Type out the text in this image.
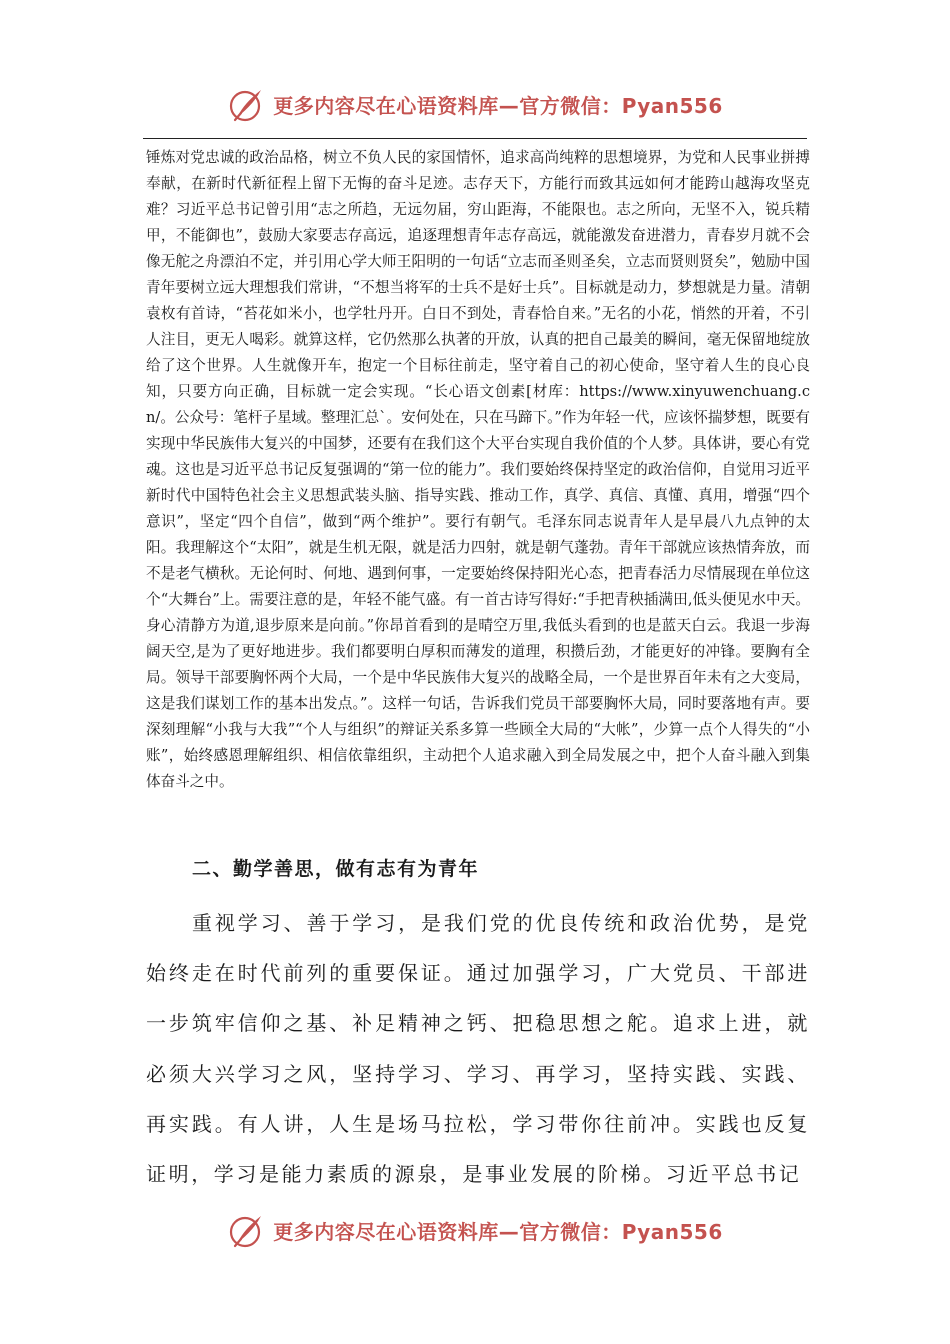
更多内容尽在心语资料库—官方微信：Pyan556
锤炼对党忠诚的政治品格，树立不负人民的家国情怀，追求高尚纯粹的思想境界，为党和人民事业拼搏奉献，在新时代新征程上留下无悔的奋斗足迹。志存天下，方能行而致其远如何才能跨山越海攻坚克难？习近平总书记曾引用“志之所趋，无远勿届，穷山距海，不能限也。志之所向，无坚不入，锐兵精甲，不能御也”，鼓励大家要志存高远，追逐理想青年志存高远，就能激发奋进潜力，青春岁月就不会像无舵之舟漂泊不定，并引用心学大师王阳明的一句话“立志而圣则圣矣，立志而贤则贤矣”，勉励中国青年要树立远大理想我们常讲，“不想当将军的士兵不是好士兵”。目标就是动力，梦想就是力量。清朝袁枚有首诗，“苔花如米小，也学牡丹开。白日不到处，青春恰自来。”无名的小花，悄然的开着，不引人注目，更无人喝彩。就算这样，它仍然那么执著的开放，认真的把自己最美的瞬间，毫无保留地绽放给了这个世界。人生就像开车，抱定一个目标往前走，坚守着自己的初心使命，坚守着人生的良心良知，只要方向正确，目标就一定会实现。“长心语文创素[材库：https://www.xinyuwenchuang.cn/。公众号：笔杆子星域。整理汇总`。安何处在，只在马蹄下。”作为年轻一代，应该怀揣梦想，既要有实现中华民族伟大复兴的中国梦，还要有在我们这个大平台实现自我价值的个人梦。具体讲，要心有党魂。这也是习近平总书记反复强调的“第一位的能力”。我们要始终保持坚定的政治信仰，自觉用习近平新时代中国特色社会主义思想武装头脑、指导实践、推动工作，真学、真信、真懂、真用，增强“四个意识”，坚定“四个自信”，做到“两个维护”。要行有朝气。毛泽东同志说青年人是早晨八九点钟的太阳。我理解这个“太阳”，就是生机无限，就是活力四射，就是朝气蓬勃。青年干部就应该热情奔放，而不是老气横秋。无论何时、何地、遇到何事，一定要始终保持阳光心态，把青春活力尽情展现在单位这个“大舞台”上。需要注意的是，年轻不能气盛。有一首古诗写得好:“手把青秧插满田,低头便见水中天。身心清静方为道,退步原来是向前。”你昂首看到的是晴空万里,我低头看到的也是蓝天白云。我退一步海阔天空,是为了更好地进步。我们都要明白厚积而薄发的道理，积攒后劲，才能更好的冲锋。要胸有全局。领导干部要胸怀两个大局，一个是中华民族伟大复兴的战略全局，一个是世界百年未有之大变局，这是我们谋划工作的基本出发点。”。这样一句话，告诉我们党员干部要胸怀大局，同时要落地有声。要深刻理解“小我与大我”“个人与组织”的辩证关系多算一些顾全大局的“大帐”，少算一点个人得失的“小账”，始终感恩理解组织、相信依靠组织，主动把个人追求融入到全局发展之中，把个人奋斗融入到集体奋斗之中。
二、勤学善思，做有志有为青年
重视学习、善于学习，是我们党的优良传统和政治优势，是党始终走在时代前列的重要保证。通过加强学习，广大党员、干部进一步筑牢信仰之基、补足精神之钙、把稳思想之舵。追求上进，就必须大兴学习之风，坚持学习、学习、再学习，坚持实践、实践、再实践。有人讲，人生是场马拉松，学习带你往前冲。实践也反复证明，学习是能力素质的源泉，是事业发展的阶梯。习近平总书记
更多内容尽在心语资料库—官方微信：Pyan556
